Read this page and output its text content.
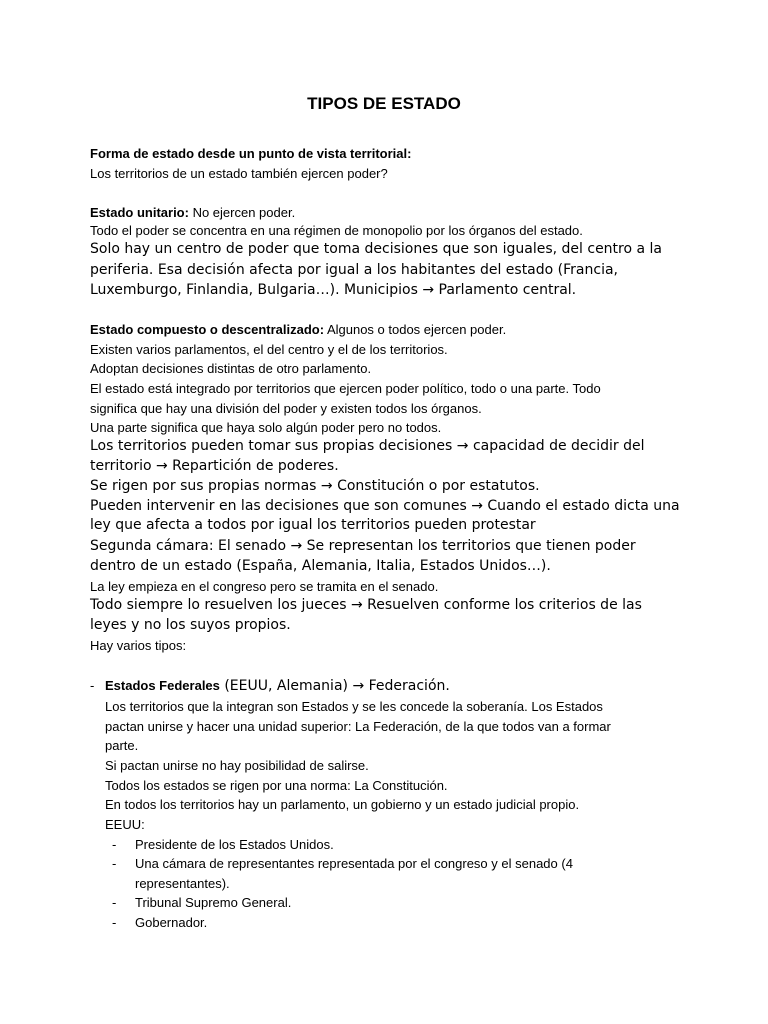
TIPOS DE ESTADO
Forma de estado desde un punto de vista territorial:
Los territorios de un estado también ejercen poder?
Estado unitario: No ejercen poder.
Todo el poder se concentra en una régimen de monopolio por los órganos del estado.
Solo hay un centro de poder que toma decisiones que son iguales, del centro a la
periferia. Esa decisión afecta por igual a los habitantes del estado (Francia,
Luxemburgo, Finlandia, Bulgaria…). Municipios → Parlamento central.
Estado compuesto o descentralizado: Algunos o todos ejercen poder.
Existen varios parlamentos, el del centro y el de los territorios.
Adoptan decisiones distintas de otro parlamento.
El estado está integrado por territorios que ejercen poder político, todo o una parte. Todo
significa que hay una división del poder y existen todos los órganos.
Una parte significa que haya solo algún poder pero no todos.
Los territorios pueden tomar sus propias decisiones → capacidad de decidir del
territorio → Repartición de poderes.
Se rigen por sus propias normas → Constitución o por estatutos.
Pueden intervenir en las decisiones que son comunes → Cuando el estado dicta una
ley que afecta a todos por igual los territorios pueden protestar
Segunda cámara: El senado → Se representan los territorios que tienen poder
dentro de un estado (España, Alemania, Italia, Estados Unidos…).
La ley empieza en el congreso pero se tramita en el senado.
Todo siempre lo resuelven los jueces → Resuelven conforme los criterios de las
leyes y no los suyos propios.
Hay varios tipos:
- Estados Federales (EEUU, Alemania) → Federación.
Los territorios que la integran son Estados y se les concede la soberanía. Los Estados
pactan unirse y hacer una unidad superior: La Federación, de la que todos van a formar
parte.
Si pactan unirse no hay posibilidad de salirse.
Todos los estados se rigen por una norma: La Constitución.
En todos los territorios hay un parlamento, un gobierno y un estado judicial propio.
EEUU:
- Presidente de los Estados Unidos.
- Una cámara de representantes representada por el congreso y el senado (4
representantes).
- Tribunal Supremo General.
- Gobernador.
